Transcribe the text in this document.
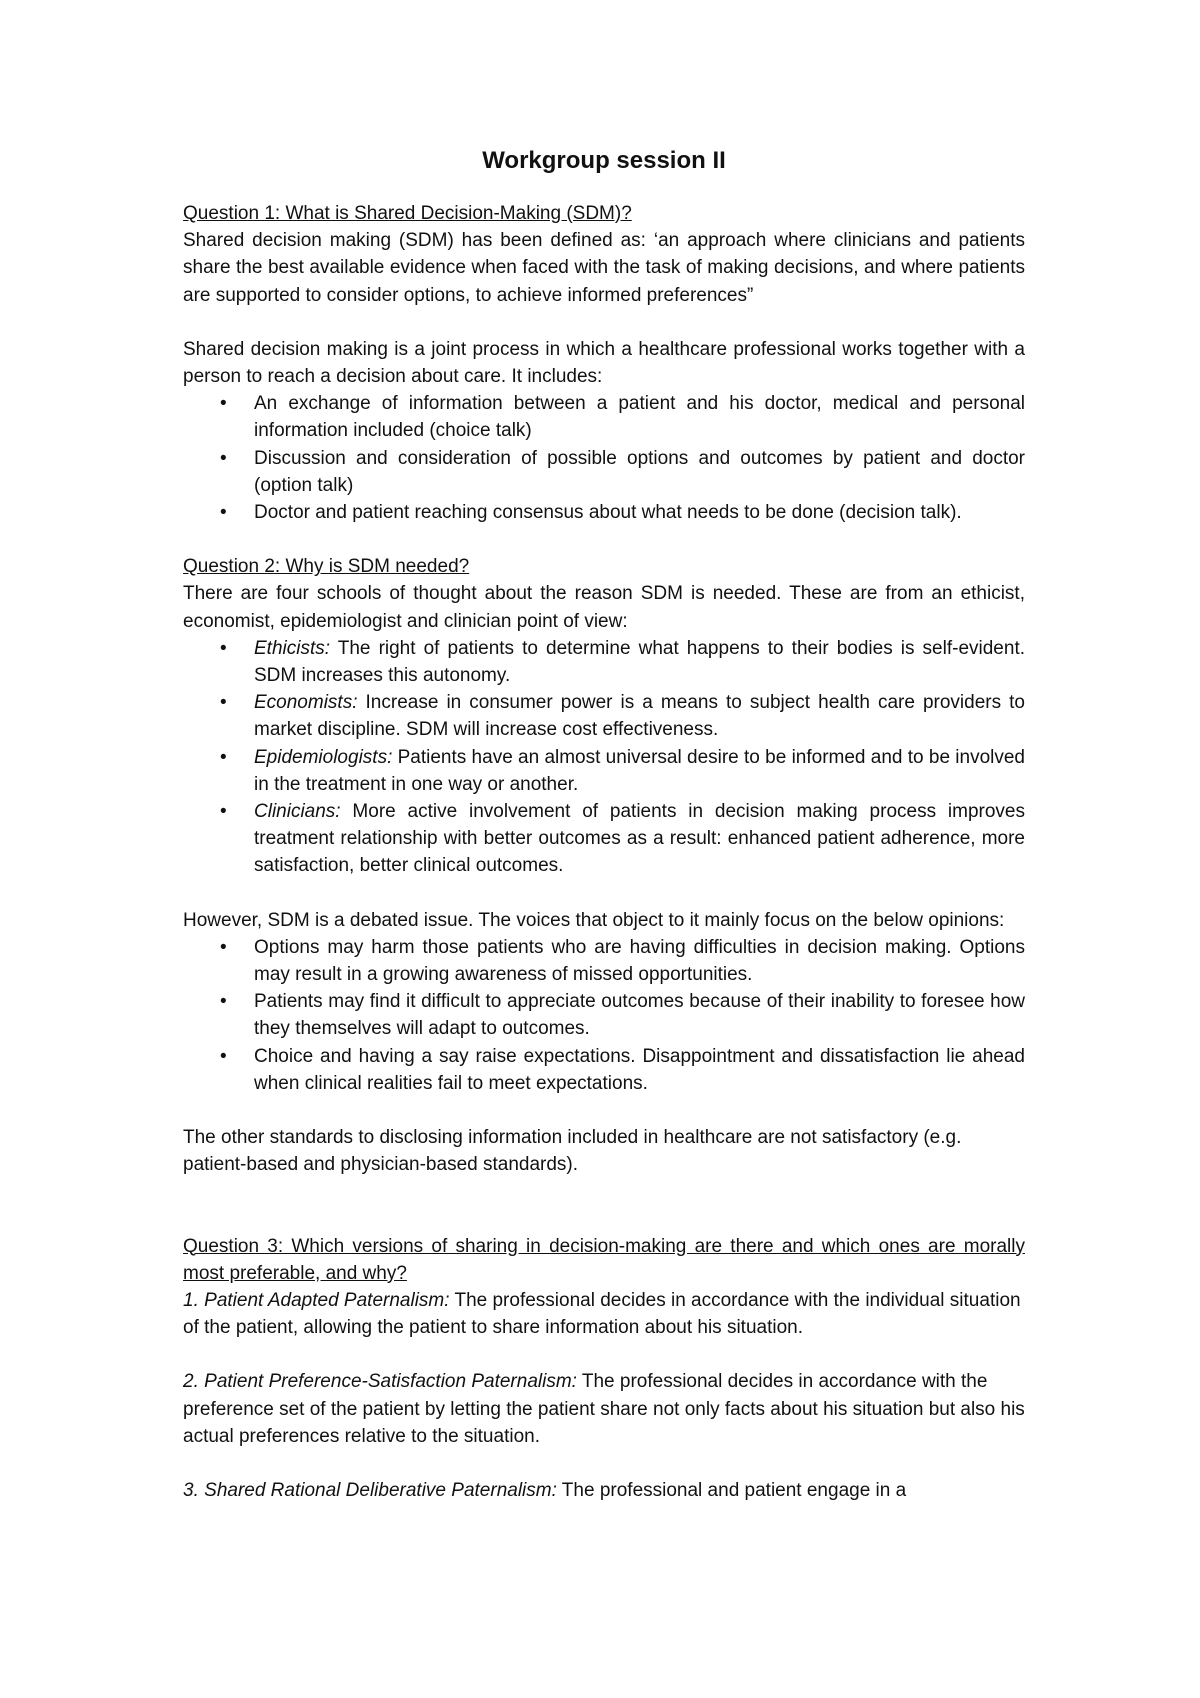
Workgroup session II

Question 1: What is Shared Decision-Making (SDM)?

Shared decision making (SDM) has been defined as: ‘an approach where clinicians and patients share the best available evidence when faced with the task of making decisions, and where patients are supported to consider options, to achieve informed preferences”

Shared decision making is a joint process in which a healthcare professional works together with a person to reach a decision about care. It includes:

• An exchange of information between a patient and his doctor, medical and personal information included (choice talk)
• Discussion and consideration of possible options and outcomes by patient and doctor (option talk)
• Doctor and patient reaching consensus about what needs to be done (decision talk).

Question 2: Why is SDM needed?

There are four schools of thought about the reason SDM is needed. These are from an ethicist, economist, epidemiologist and clinician point of view:

• Ethicists: The right of patients to determine what happens to their bodies is self-evident. SDM increases this autonomy.
• Economists: Increase in consumer power is a means to subject health care providers to market discipline. SDM will increase cost effectiveness.
• Epidemiologists: Patients have an almost universal desire to be informed and to be involved in the treatment in one way or another.
• Clinicians: More active involvement of patients in decision making process improves treatment relationship with better outcomes as a result: enhanced patient adherence, more satisfaction, better clinical outcomes.

However, SDM is a debated issue. The voices that object to it mainly focus on the below opinions:

• Options may harm those patients who are having difficulties in decision making. Options may result in a growing awareness of missed opportunities.
• Patients may find it difficult to appreciate outcomes because of their inability to foresee how they themselves will adapt to outcomes.
• Choice and having a say raise expectations. Disappointment and dissatisfaction lie ahead when clinical realities fail to meet expectations.

The other standards to disclosing information included in healthcare are not satisfactory (e.g. patient-based and physician-based standards).

Question 3: Which versions of sharing in decision-making are there and which ones are morally most preferable, and why?

1. Patient Adapted Paternalism: The professional decides in accordance with the individual situation of the patient, allowing the patient to share information about his situation.

2. Patient Preference-Satisfaction Paternalism: The professional decides in accordance with the preference set of the patient by letting the patient share not only facts about his situation but also his actual preferences relative to the situation.

3. Shared Rational Deliberative Paternalism: The professional and patient engage in a
